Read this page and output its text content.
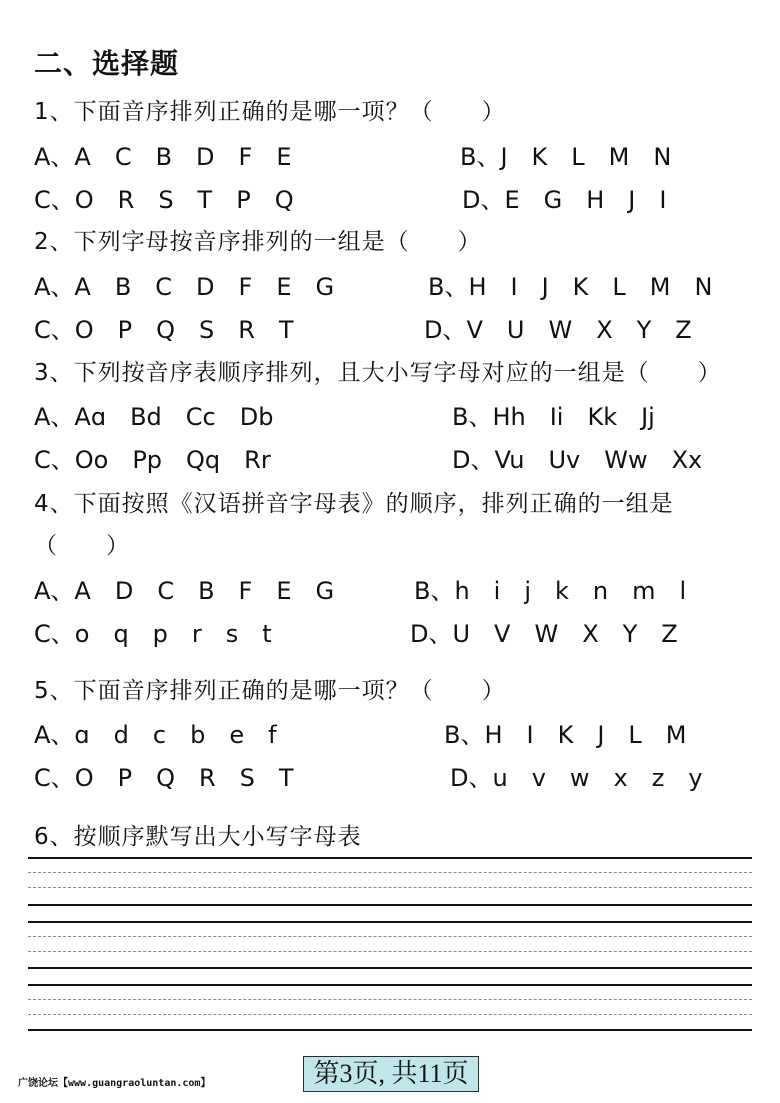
二、选择题
1、下面音序排列正确的是哪一项？（　　）
A、A　C　B　D　F　E	B、J　K　L　M　N
C、O　R　S　T　P　Q	D、E　G　H　J　I
2、下列字母按音序排列的一组是（　　）
A、A　B　C　D　F　E　G	B、H　I　J　K　L　M　N
C、O　P　Q　S　R　T	D、V　U　W　X　Y　Z
3、下列按音序表顺序排列，且大小写字母对应的一组是（　　）
A、Aɑ　Bd　Cc　Db	B、Hh　Ii　Kk　Jj
C、Oo　Pp　Qq　Rr	D、Vu　Uv　Ww　Xx
4、下面按照《汉语拼音字母表》的顺序，排列正确的一组是
（　　）
A、A　D　C　B　F　E　G	B、h　i　j　k　n　m　l
C、o　q　p　r　s　t	D、U　V　W　X　Y　Z
5、下面音序排列正确的是哪一项？（　　）
A、ɑ　d　c　b　e　f	B、H　I　K　J　L　M
C、O　P　Q　R　S　T	D、u　v　w　x　z　y
6、按顺序默写出大小写字母表
广饶论坛【www.guangraoluntan.com】	第3页, 共11页
